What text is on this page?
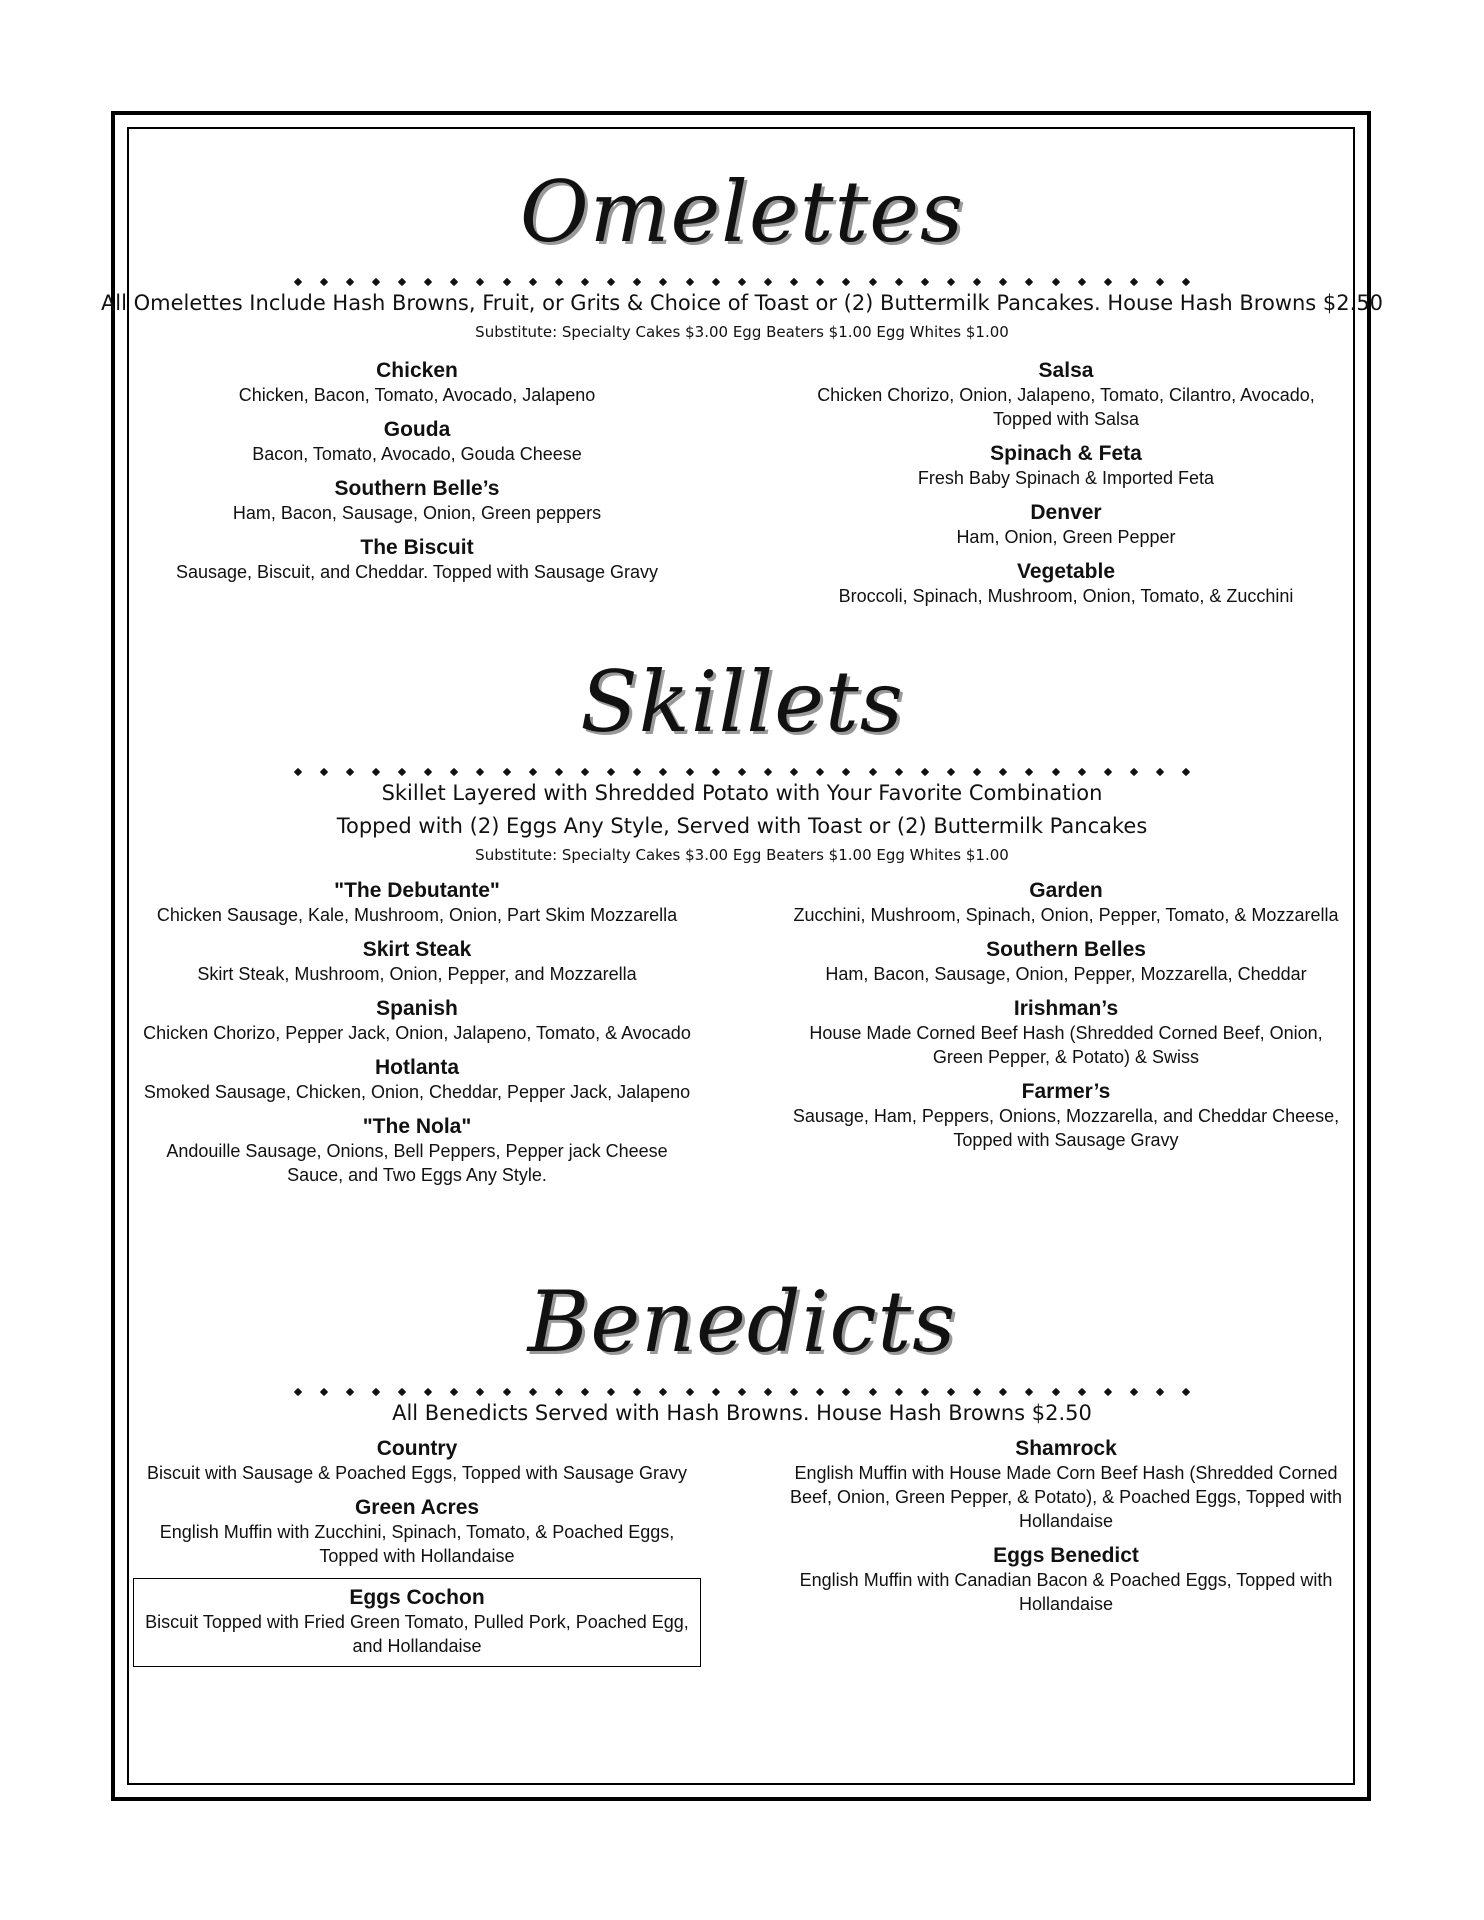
Omelettes
All Omelettes Include Hash Browns, Fruit, or Grits & Choice of Toast or (2) Buttermilk Pancakes. House Hash Browns $2.50
Substitute: Specialty Cakes $3.00 Egg Beaters $1.00 Egg Whites $1.00
Chicken
Chicken, Bacon, Tomato, Avocado, Jalapeno
Gouda
Bacon, Tomato, Avocado, Gouda Cheese
Southern Belle’s
Ham, Bacon, Sausage, Onion, Green peppers
The Biscuit
Sausage, Biscuit, and Cheddar. Topped with Sausage Gravy
Salsa
Chicken Chorizo, Onion, Jalapeno, Tomato, Cilantro, Avocado, Topped with Salsa
Spinach & Feta
Fresh Baby Spinach & Imported Feta
Denver
Ham, Onion, Green Pepper
Vegetable
Broccoli, Spinach, Mushroom, Onion, Tomato, & Zucchini
Skillets
Skillet Layered with Shredded Potato with Your Favorite Combination
Topped with (2) Eggs Any Style, Served with Toast or (2) Buttermilk Pancakes
Substitute: Specialty Cakes $3.00 Egg Beaters $1.00 Egg Whites $1.00
"The Debutante"
Chicken Sausage, Kale, Mushroom, Onion, Part Skim Mozzarella
Skirt Steak
Skirt Steak, Mushroom, Onion, Pepper, and Mozzarella
Spanish
Chicken Chorizo, Pepper Jack, Onion, Jalapeno, Tomato, & Avocado
Hotlanta
Smoked Sausage, Chicken, Onion, Cheddar, Pepper Jack, Jalapeno
"The Nola"
Andouille Sausage, Onions, Bell Peppers, Pepper jack Cheese Sauce, and Two Eggs Any Style.
Garden
Zucchini, Mushroom, Spinach, Onion, Pepper, Tomato, & Mozzarella
Southern Belles
Ham, Bacon, Sausage, Onion, Pepper, Mozzarella, Cheddar
Irishman’s
House Made Corned Beef Hash (Shredded Corned Beef, Onion, Green Pepper, & Potato) & Swiss
Farmer’s
Sausage, Ham, Peppers, Onions, Mozzarella, and Cheddar Cheese, Topped with Sausage Gravy
Benedicts
All Benedicts Served with Hash Browns. House Hash Browns $2.50
Country
Biscuit with Sausage & Poached Eggs, Topped with Sausage Gravy
Green Acres
English Muffin with Zucchini, Spinach, Tomato, & Poached Eggs, Topped with Hollandaise
Eggs Cochon
Biscuit Topped with Fried Green Tomato, Pulled Pork, Poached Egg, and Hollandaise
Shamrock
English Muffin with House Made Corn Beef Hash (Shredded Corned Beef, Onion, Green Pepper, & Potato), & Poached Eggs, Topped with Hollandaise
Eggs Benedict
English Muffin with Canadian Bacon & Poached Eggs, Topped with Hollandaise
